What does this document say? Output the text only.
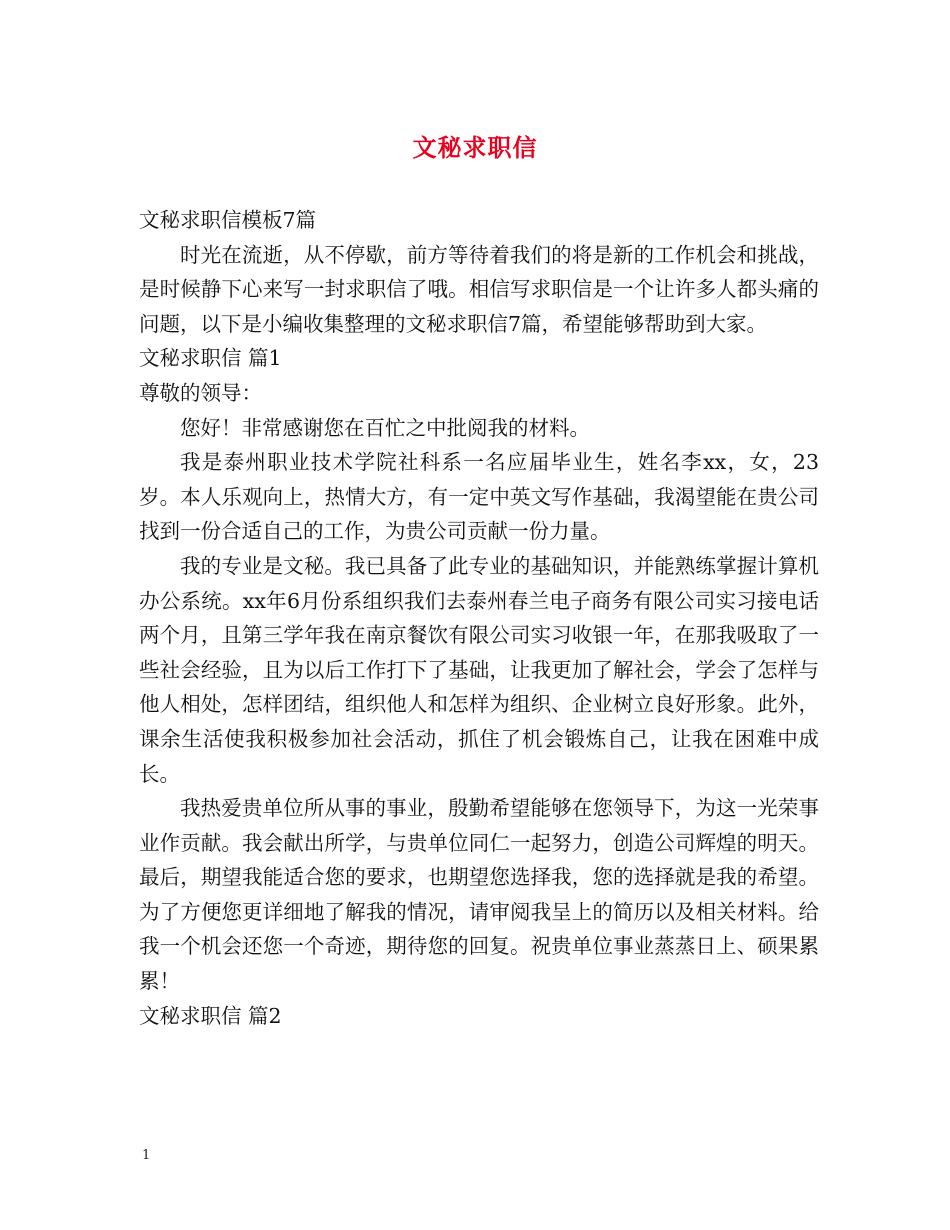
文秘求职信

文秘求职信模板7篇

时光在流逝，从不停歇，前方等待着我们的将是新的工作机会和挑战，是时候静下心来写一封求职信了哦。相信写求职信是一个让许多人都头痛的问题，以下是小编收集整理的文秘求职信7篇，希望能够帮助到大家。

文秘求职信 篇1

尊敬的领导：

您好！非常感谢您在百忙之中批阅我的材料。

我是泰州职业技术学院社科系一名应届毕业生，姓名李xx，女，23岁。本人乐观向上，热情大方，有一定中英文写作基础，我渴望能在贵公司找到一份合适自己的工作，为贵公司贡献一份力量。

我的专业是文秘。我已具备了此专业的基础知识，并能熟练掌握计算机办公系统。xx年6月份系组织我们去泰州春兰电子商务有限公司实习接电话两个月，且第三学年我在南京餐饮有限公司实习收银一年，在那我吸取了一些社会经验，且为以后工作打下了基础，让我更加了解社会，学会了怎样与他人相处，怎样团结，组织他人和怎样为组织、企业树立良好形象。此外，课余生活使我积极参加社会活动，抓住了机会锻炼自己，让我在困难中成长。

我热爱贵单位所从事的事业，殷勤希望能够在您领导下，为这一光荣事业作贡献。我会献出所学，与贵单位同仁一起努力，创造公司辉煌的明天。最后，期望我能适合您的要求，也期望您选择我，您的选择就是我的希望。为了方便您更详细地了解我的情况，请审阅我呈上的简历以及相关材料。给我一个机会还您一个奇迹，期待您的回复。祝贵单位事业蒸蒸日上、硕果累累！

文秘求职信 篇2

1
